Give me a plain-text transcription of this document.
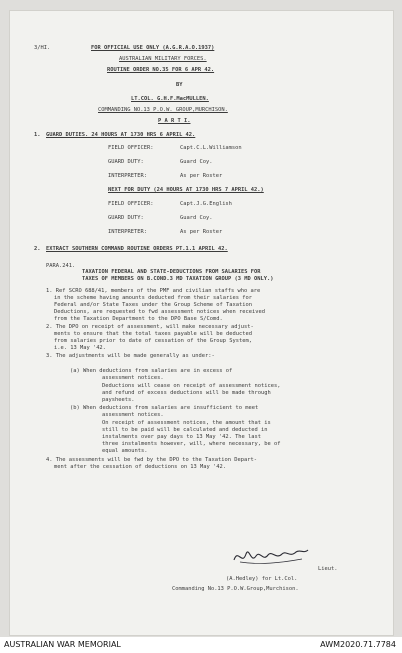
3/HI.	FOR OFFICIAL USE ONLY (A.G.R.A.O.1937)
AUSTRALIAN MILITARY FORCES.
ROUTINE ORDER NO.35 FOR 6 APR 42.
BY
LT.COL. G.H.F.MacMULLEN.
COMMANDING NO.13 P.O.W. GROUP,MURCHISON.
P A R T I.
1. GUARD DUTIES. 24 HOURS AT 1730 HRS 6 APRIL 42.
FIELD OFFICER:	Capt.C.L.Williamson
GUARD DUTY:	Guard Coy.
INTERPRETER:	As per Roster
NEXT FOR DUTY (24 HOURS AT 1730 HRS 7 APRIL 42.)
FIELD OFFICER:	Capt.J.G.English
GUARD DUTY:	Guard Coy.
INTERPRETER:	As per Roster
2. EXTRACT SOUTHERN COMMAND ROUTINE ORDERS PT.1.1 APRIL 42.
PARA.241.
TAXATION FEDERAL AND STATE-DEDUCTIONS FROM SALARIES FOR
TAXES OF MEMBERS ON B.COND.3 MD TAXATION GROUP (3 MD ONLY.)
1. Ref SCRO 688/41, members of the PMF and civilian staffs who are
in the scheme having amounts deducted from their salaries for
Federal and/or State Taxes under the Group Scheme of Taxation
Deductions, are requested to fwd assessment notices when received
from the Taxation Department to the DPO Base S/Comd.
2. The DPO on receipt of assessment, will make necessary adjust-
ments to ensure that the total taxes payable will be deducted
from salaries prior to date of cessation of the Group System,
i.e. 13 May '42.
3. The adjustments will be made generally as under:-
(a) When deductions from salaries are in excess of
assessment notices.
Deductions will cease on receipt of assessment notices,
and refund of excess deductions will be made through
paysheets.
(b) When deductions from salaries are insufficient to meet
assessment notices.
On receipt of assessment notices, the amount that is
still to be paid will be calculated and deducted in
instalments over pay days to 13 May '42. The last
three instalments however, will, where necessary, be of
equal amounts.
4. The assessments will be fwd by the DPO to the Taxation Depart-
ment after the cessation of deductions on 13 May '42.
Lieut.
(A.Hedley) for Lt.Col.
Commanding No.13 P.O.W.Group,Murchison.
AUSTRALIAN WAR MEMORIAL	AWM2020.71.7784
